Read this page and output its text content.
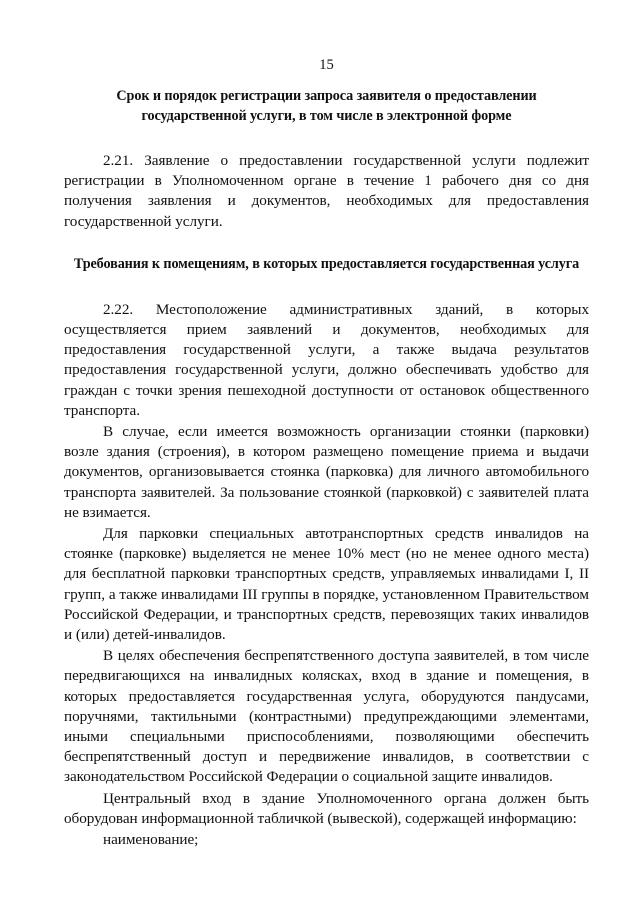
15
Срок и порядок регистрации запроса заявителя о предоставлении государственной услуги, в том числе в электронной форме

2.21. Заявление о предоставлении государственной услуги подлежит регистрации в Уполномоченном органе в течение 1 рабочего дня со дня получения заявления и документов, необходимых для предоставления государственной услуги.

Требования к помещениям, в которых предоставляется государственная услуга

2.22. Местоположение административных зданий, в которых осуществляется прием заявлений и документов, необходимых для предоставления государственной услуги, а также выдача результатов предоставления государственной услуги, должно обеспечивать удобство для граждан с точки зрения пешеходной доступности от остановок общественного транспорта.

В случае, если имеется возможность организации стоянки (парковки) возле здания (строения), в котором размещено помещение приема и выдачи документов, организовывается стоянка (парковка) для личного автомобильного транспорта заявителей. За пользование стоянкой (парковкой) с заявителей плата не взимается.

Для парковки специальных автотранспортных средств инвалидов на стоянке (парковке) выделяется не менее 10% мест (но не менее одного места) для бесплатной парковки транспортных средств, управляемых инвалидами I, II групп, а также инвалидами III группы в порядке, установленном Правительством Российской Федерации, и транспортных средств, перевозящих таких инвалидов и (или) детей-инвалидов.

В целях обеспечения беспрепятственного доступа заявителей, в том числе передвигающихся на инвалидных колясках, вход в здание и помещения, в которых предоставляется государственная услуга, оборудуются пандусами, поручнями, тактильными (контрастными) предупреждающими элементами, иными специальными приспособлениями, позволяющими обеспечить беспрепятственный доступ и передвижение инвалидов, в соответствии с законодательством Российской Федерации о социальной защите инвалидов.

Центральный вход в здание Уполномоченного органа должен быть оборудован информационной табличкой (вывеской), содержащей информацию:

наименование;
